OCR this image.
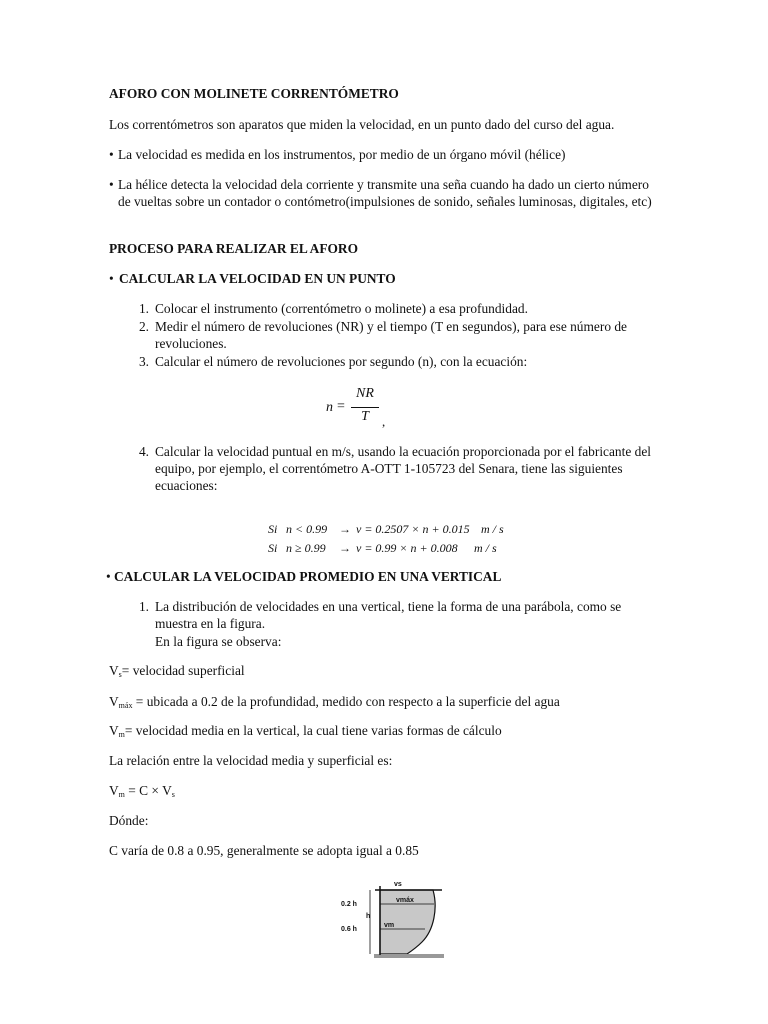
AFORO CON MOLINETE CORRENTÓMETRO
Los correntómetros son aparatos que miden la velocidad, en un punto dado del curso del agua.
• La velocidad es medida en los instrumentos, por medio de un órgano móvil (hélice)
• La hélice detecta la velocidad dela corriente y transmite una seña cuando ha dado un cierto número de vueltas sobre un contador o contómetro(impulsiones de sonido, señales luminosas, digitales, etc)
PROCESO PARA REALIZAR EL AFORO
• CALCULAR LA VELOCIDAD EN UN PUNTO
1. Colocar el instrumento (correntómetro o molinete) a esa profundidad.
2. Medir el número de revoluciones (NR) y el tiempo (T en segundos), para ese número de revoluciones.
3. Calcular el número de revoluciones por segundo (n), con la ecuación:
n =
NR
T	,
4. Calcular la velocidad puntual en m/s, usando la ecuación proporcionada por el fabricante del equipo, por ejemplo, el correntómetro A-OTT 1-105723 del Senara, tiene las siguientes ecuaciones:
Si n < 0.99 → v = 0.2507 × n + 0.015 m / s
Si n ≥ 0.99 → v = 0.99 × n + 0.008 m / s
• CALCULAR LA VELOCIDAD PROMEDIO EN UNA VERTICAL
1. La distribución de velocidades en una vertical, tiene la forma de una parábola, como se muestra en la figura.
En la figura se observa:
$V_s=$ velocidad superficial
$V_{máx}$ = ubicada a 0.2 de la profundidad, medido con respecto a la superficie del agua
$V_m=$ velocidad media en la vertical, la cual tiene varias formas de cálculo
La relación entre la velocidad media y superficial es:
$V_m = C \times V_s$
Dónde:
C varía de 0.8 a 0.95, generalmente se adopta igual a 0.85
vs
vmáx
vm
h
0.2 h
0.6 h
